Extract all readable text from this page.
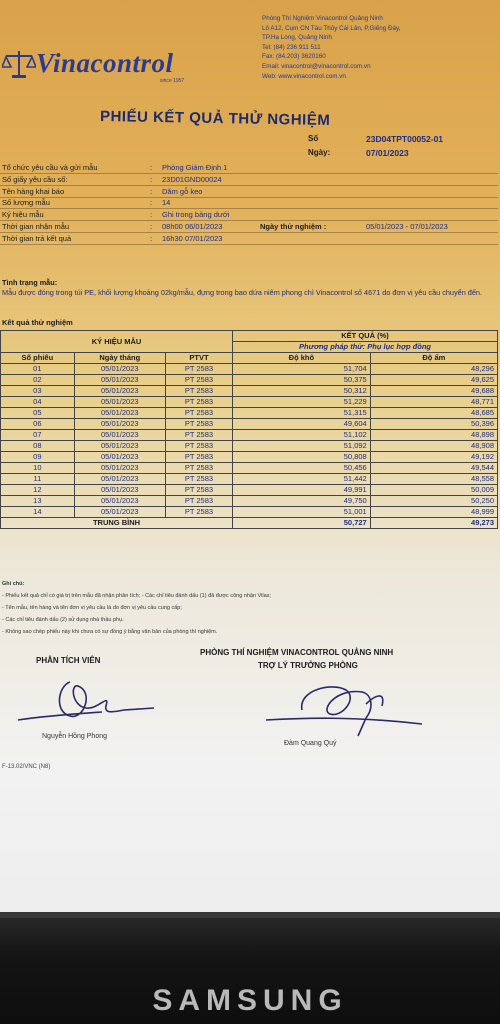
Vinacontrol
since 1957
Phòng Thí Nghiệm Vinacontrol Quảng Ninh
Lô A12, Cụm CN Tàu Thủy Cái Lân, P.Giếng Đáy,
TP.Hạ Long, Quảng Ninh
Tel: (84) 236 911 511
Fax: (84.203) 3620160
Email: vinacontrol@vinacontrol.com.vn
Web: www.vinacontrol.com.vn
PHIẾU KẾT QUẢ THỬ NGHIỆM
Số	23D04TPT00052-01
Ngày:	07/01/2023
Tổ chức yêu cầu và gửi mẫu	: Phòng Giám Định 1
Số giấy yêu cầu số:	: 23D01GND00024
Tên hàng khai báo	: Dăm gỗ keo
Số lượng mẫu	: 14
Ký hiệu mẫu	: Ghi trong bảng dưới
Thời gian nhận mẫu	: 08h00 06/01/2023	Ngày thử nghiệm :	05/01/2023 - 07/01/2023
Thời gian trả kết quả	: 16h30 07/01/2023
Tình trạng mẫu:
Mẫu được đóng trong túi PE, khối lượng khoảng 02kg/mẫu, đựng trong bao dứa niêm phong chì Vinacontrol số 4671 do đơn vị yêu cầu chuyển đến.
Kết quả thử nghiệm
KÝ HIỆU MẪU			KẾT QUẢ (%)	
			Phương pháp thử: Phụ lục hợp đồng	
Số phiếu	Ngày tháng	PTVT	Độ khô	Độ ẩm
01	05/01/2023	PT 2583	51,704	48,296
02	05/01/2023	PT 2583	50,375	49,625
03	05/01/2023	PT 2583	50,312	49,688
04	05/01/2023	PT 2583	51,229	48,771
05	05/01/2023	PT 2583	51,315	48,685
06	05/01/2023	PT 2583	49,604	50,396
07	05/01/2023	PT 2583	51,102	48,898
08	05/01/2023	PT 2583	51,092	48,908
09	05/01/2023	PT 2583	50,808	49,192
10	05/01/2023	PT 2583	50,456	49,544
11	05/01/2023	PT 2583	51,442	48,558
12	05/01/2023	PT 2583	49,991	50,009
13	05/01/2023	PT 2583	49,750	50,250
14	05/01/2023	PT 2583	51,001	48,999
TRUNG BÌNH			50,727	49,273
Ghi chú:
- Phiếu kết quả chỉ có giá trị trên mẫu đã nhận phân tích; - Các chỉ tiêu đánh dấu (1) đã được công nhận Vilas;
- Tên mẫu, tên hàng và tên đơn vị yêu cầu là do đơn vị yêu cầu cung cấp;
- Các chỉ tiêu đánh dấu (2) sử dụng nhà thầu phụ.
- Không sao chép phiếu này khi chưa có sự đồng ý bằng văn bản của phòng thí nghiệm.
PHÒNG THÍ NGHIỆM VINACONTROL QUẢNG NINH
TRỢ LÝ TRƯỞNG PHÒNG
PHÂN TÍCH VIÊN
Nguyễn Hồng Phong
Đàm Quang Quý
F-13.02/VNC (N8)
SAMSUNG
